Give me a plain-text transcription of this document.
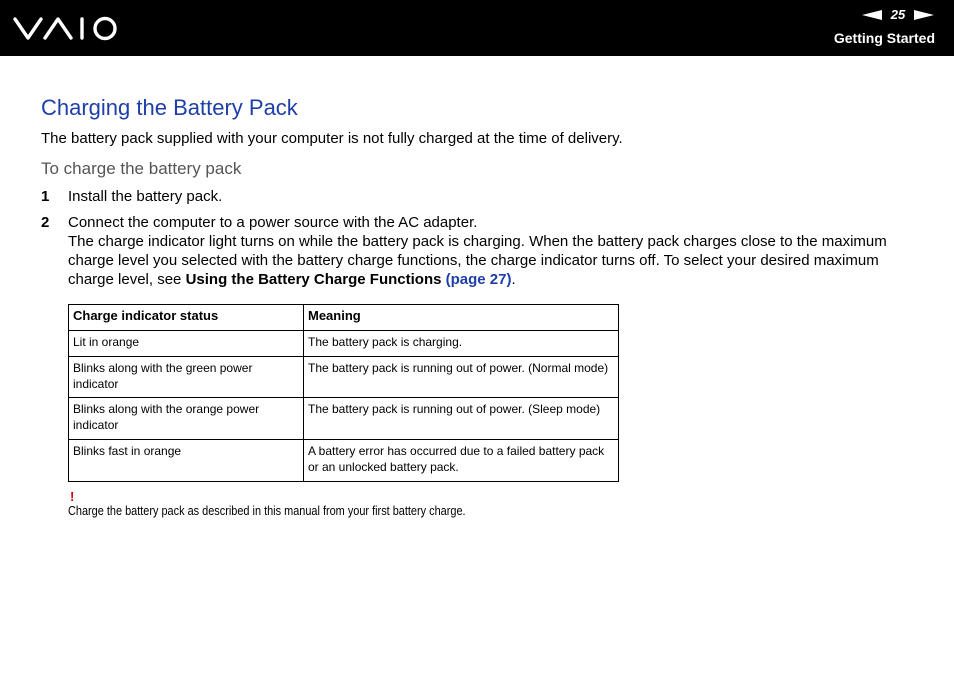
25
Getting Started
Charging the Battery Pack
The battery pack supplied with your computer is not fully charged at the time of delivery.
To charge the battery pack
1 Install the battery pack.
2 Connect the computer to a power source with the AC adapter.
The charge indicator light turns on while the battery pack is charging. When the battery pack charges close to the maximum charge level you selected with the battery charge functions, the charge indicator turns off. To select your desired maximum charge level, see Using the Battery Charge Functions (page 27).
Charge indicator status	Meaning
Lit in orange	The battery pack is charging.
Blinks along with the green power indicator	The battery pack is running out of power. (Normal mode)
Blinks along with the orange power indicator	The battery pack is running out of power. (Sleep mode)
Blinks fast in orange	A battery error has occurred due to a failed battery pack or an unlocked battery pack.
!
Charge the battery pack as described in this manual from your first battery charge.
